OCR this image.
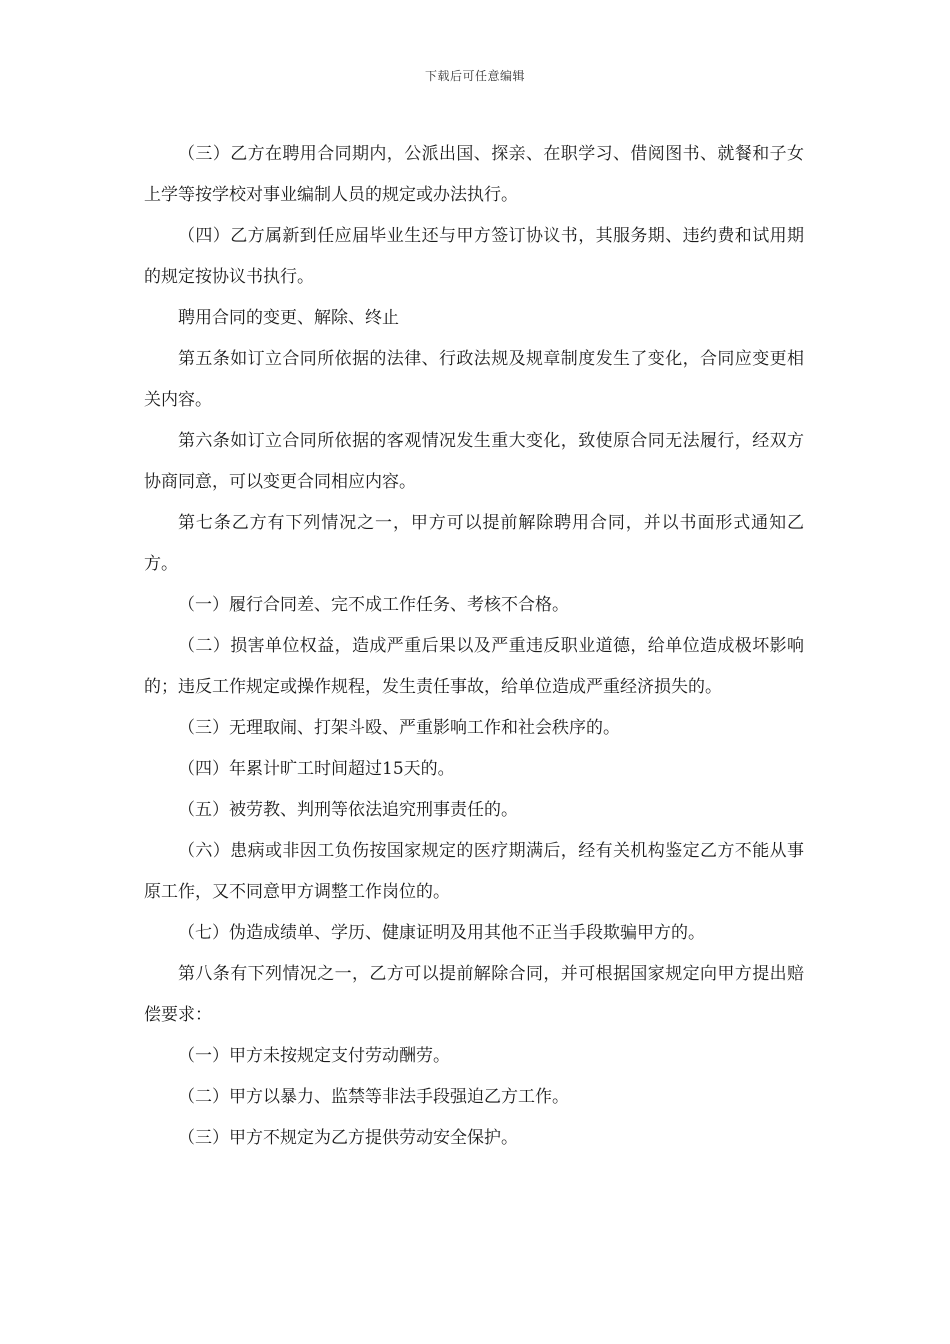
下载后可任意编辑

（三）乙方在聘用合同期内，公派出国、探亲、在职学习、借阅图书、就餐和子女上学等按学校对事业编制人员的规定或办法执行。

（四）乙方属新到任应届毕业生还与甲方签订协议书，其服务期、违约费和试用期的规定按协议书执行。

聘用合同的变更、解除、终止

第五条如订立合同所依据的法律、行政法规及规章制度发生了变化，合同应变更相关内容。

第六条如订立合同所依据的客观情况发生重大变化，致使原合同无法履行，经双方协商同意，可以变更合同相应内容。

第七条乙方有下列情况之一，甲方可以提前解除聘用合同，并以书面形式通知乙方。

（一）履行合同差、完不成工作任务、考核不合格。

（二）损害单位权益，造成严重后果以及严重违反职业道德，给单位造成极坏影响的；违反工作规定或操作规程，发生责任事故，给单位造成严重经济损失的。

（三）无理取闹、打架斗殴、严重影响工作和社会秩序的。

（四）年累计旷工时间超过15天的。

（五）被劳教、判刑等依法追究刑事责任的。

（六）患病或非因工负伤按国家规定的医疗期满后，经有关机构鉴定乙方不能从事原工作，又不同意甲方调整工作岗位的。

（七）伪造成绩单、学历、健康证明及用其他不正当手段欺骗甲方的。

第八条有下列情况之一，乙方可以提前解除合同，并可根据国家规定向甲方提出赔偿要求：

（一）甲方未按规定支付劳动酬劳。

（二）甲方以暴力、监禁等非法手段强迫乙方工作。

（三）甲方不规定为乙方提供劳动安全保护。
